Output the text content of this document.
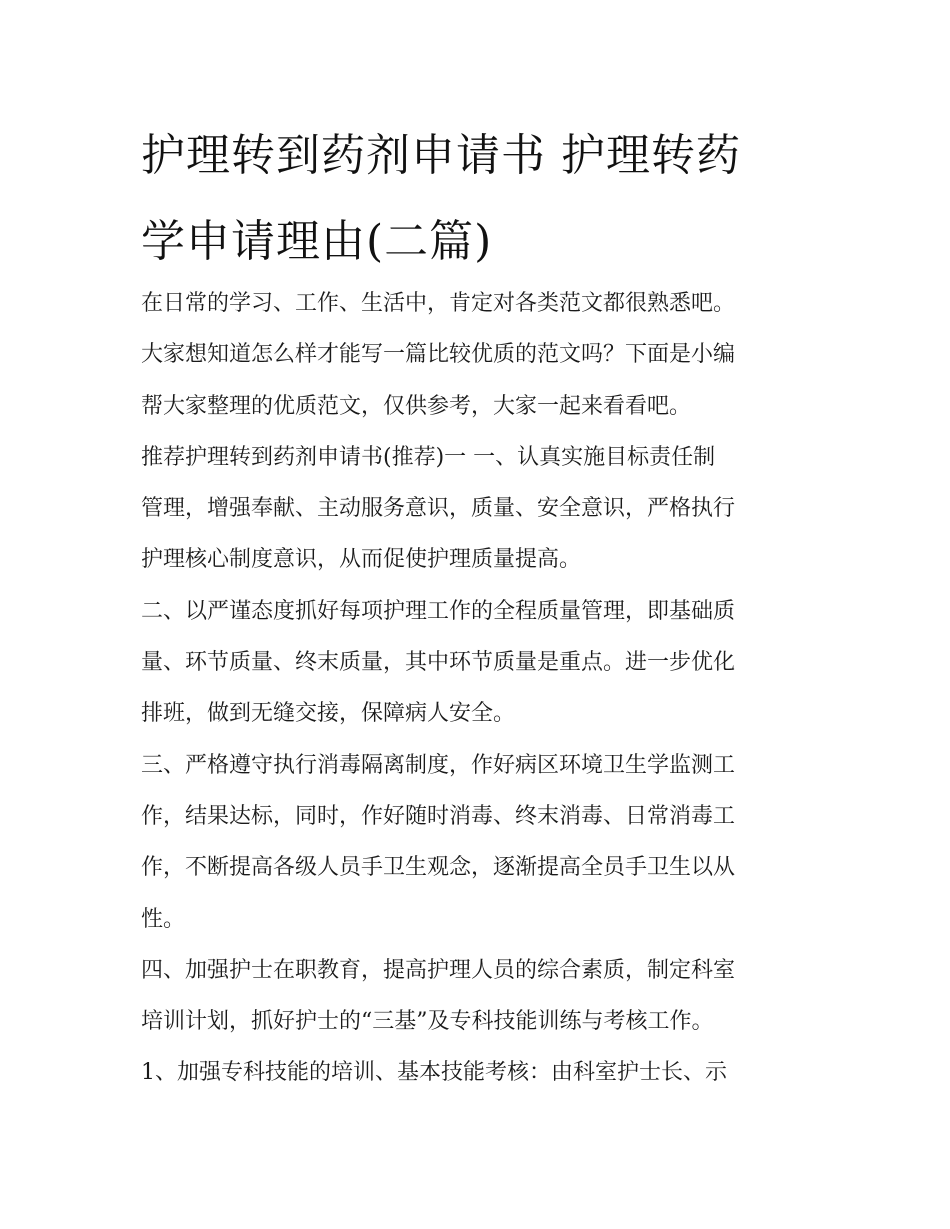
护理转到药剂申请书 护理转药
学申请理由(二篇)
在日常的学习、工作、生活中，肯定对各类范文都很熟悉吧。
大家想知道怎么样才能写一篇比较优质的范文吗？下面是小编
帮大家整理的优质范文，仅供参考，大家一起来看看吧。
推荐护理转到药剂申请书(推荐)一 一、认真实施目标责任制
管理，增强奉献、主动服务意识，质量、安全意识，严格执行
护理核心制度意识，从而促使护理质量提高。
二、以严谨态度抓好每项护理工作的全程质量管理，即基础质
量、环节质量、终末质量，其中环节质量是重点。进一步优化
排班，做到无缝交接，保障病人安全。
三、严格遵守执行消毒隔离制度，作好病区环境卫生学监测工
作，结果达标，同时，作好随时消毒、终末消毒、日常消毒工
作，不断提高各级人员手卫生观念，逐渐提高全员手卫生以从
性。
四、加强护士在职教育，提高护理人员的综合素质，制定科室
培训计划，抓好护士的“三基”及专科技能训练与考核工作。
1、加强专科技能的培训、基本技能考核：由科室护士长、示
